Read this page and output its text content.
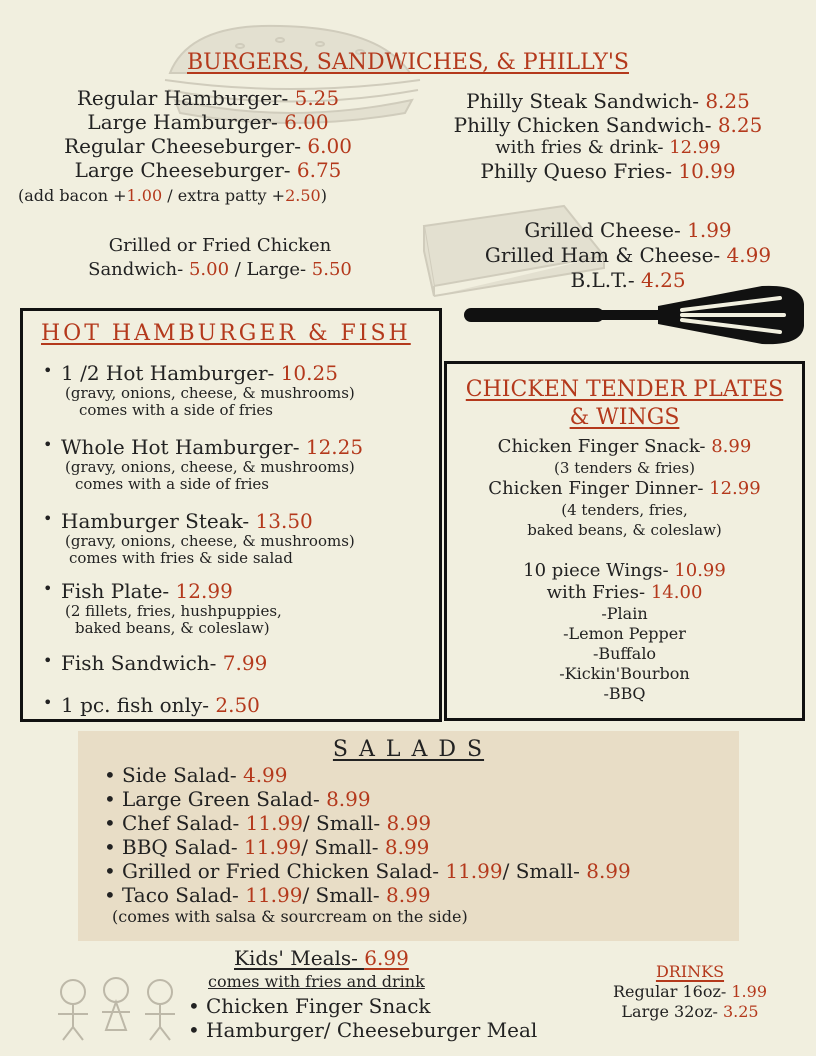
BURGERS, SANDWICHES, & PHILLY'S
Regular Hamburger- 5.25
Large Hamburger- 6.00
Regular Cheeseburger- 6.00
Large Cheeseburger- 6.75
(add bacon +1.00 / extra patty +2.50)
Philly Steak Sandwich- 8.25
Philly Chicken Sandwich- 8.25
with fries & drink- 12.99
Philly Queso Fries- 10.99
Grilled or Fried Chicken
Sandwich- 5.00 / Large- 5.50
Grilled Cheese- 1.99
Grilled Ham & Cheese- 4.99
B.L.T.- 4.25
HOT HAMBURGER & FISH
• 1 /2 Hot Hamburger- 10.25
(gravy, onions, cheese, & mushrooms)
comes with a side of fries
• Whole Hot Hamburger- 12.25
(gravy, onions, cheese, & mushrooms)
comes with a side of fries
• Hamburger Steak- 13.50
(gravy, onions, cheese, & mushrooms)
comes with fries & side salad
• Fish Plate- 12.99
(2 fillets, fries, hushpuppies,
baked beans, & coleslaw)
• Fish Sandwich- 7.99
• 1 pc. fish only- 2.50
CHICKEN TENDER PLATES
& WINGS
Chicken Finger Snack- 8.99
(3 tenders & fries)
Chicken Finger Dinner- 12.99
(4 tenders, fries,
baked beans, & coleslaw)
10 piece Wings- 10.99
with Fries- 14.00
-Plain
-Lemon Pepper
-Buffalo
-Kickin'Bourbon
-BBQ
S A L A D S
• Side Salad- 4.99
• Large Green Salad- 8.99
• Chef Salad- 11.99/ Small- 8.99
• BBQ Salad- 11.99/ Small- 8.99
• Grilled or Fried Chicken Salad- 11.99/ Small- 8.99
• Taco Salad- 11.99/ Small- 8.99
(comes with salsa & sourcream on the side)
Kids' Meals- 6.99
comes with fries and drink
• Chicken Finger Snack
• Hamburger/ Cheeseburger Meal
DRINKS
Regular 16oz- 1.99
Large 32oz- 3.25
